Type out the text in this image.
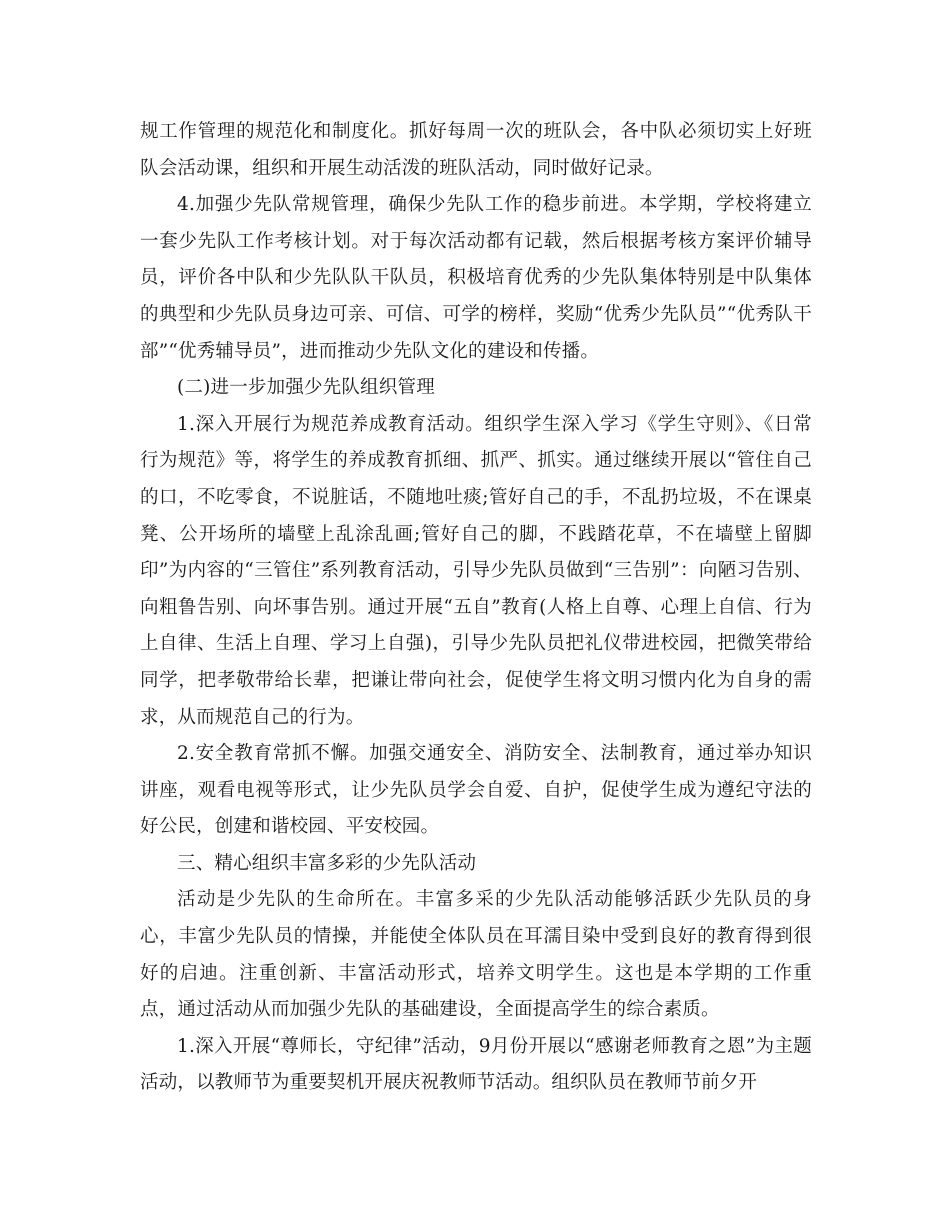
规工作管理的规范化和制度化。抓好每周一次的班队会，各中队必须切实上好班队会活动课，组织和开展生动活泼的班队活动，同时做好记录。

4.加强少先队常规管理，确保少先队工作的稳步前进。本学期，学校将建立一套少先队工作考核计划。对于每次活动都有记载，然后根据考核方案评价辅导员，评价各中队和少先队队干队员，积极培育优秀的少先队集体特别是中队集体的典型和少先队员身边可亲、可信、可学的榜样，奖励“优秀少先队员”“优秀队干部”“优秀辅导员”，进而推动少先队文化的建设和传播。

(二)进一步加强少先队组织管理

1.深入开展行为规范养成教育活动。组织学生深入学习《学生守则》、《日常行为规范》等，将学生的养成教育抓细、抓严、抓实。通过继续开展以“管住自己的口，不吃零食，不说脏话，不随地吐痰;管好自己的手，不乱扔垃圾，不在课桌凳、公开场所的墙壁上乱涂乱画;管好自己的脚，不践踏花草，不在墙壁上留脚印”为内容的“三管住”系列教育活动，引导少先队员做到“三告别”：向陋习告别、向粗鲁告别、向坏事告别。通过开展“五自”教育(人格上自尊、心理上自信、行为上自律、生活上自理、学习上自强)，引导少先队员把礼仪带进校园，把微笑带给同学，把孝敬带给长辈，把谦让带向社会，促使学生将文明习惯内化为自身的需求，从而规范自己的行为。

2.安全教育常抓不懈。加强交通安全、消防安全、法制教育，通过举办知识讲座，观看电视等形式，让少先队员学会自爱、自护，促使学生成为遵纪守法的好公民，创建和谐校园、平安校园。

三、精心组织丰富多彩的少先队活动

活动是少先队的生命所在。丰富多采的少先队活动能够活跃少先队员的身心，丰富少先队员的情操，并能使全体队员在耳濡目染中受到良好的教育得到很好的启迪。注重创新、丰富活动形式，培养文明学生。这也是本学期的工作重点，通过活动从而加强少先队的基础建设，全面提高学生的综合素质。

1.深入开展“尊师长，守纪律”活动，9月份开展以“感谢老师教育之恩”为主题活动，以教师节为重要契机开展庆祝教师节活动。组织队员在教师节前夕开
